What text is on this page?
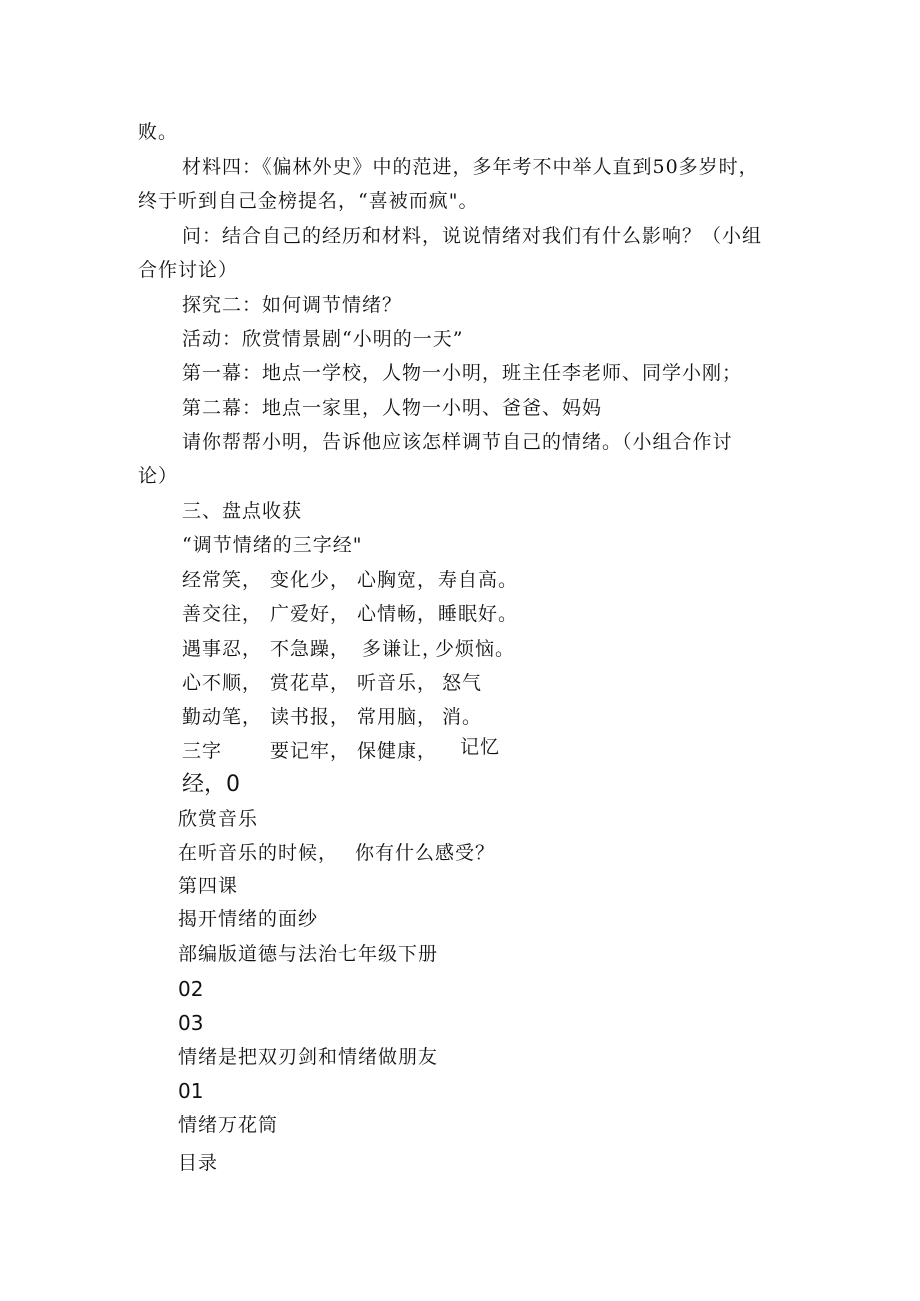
败。
材料四：《偏林外史》中的范进，多年考不中举人直到50多岁时，
终于听到自己金榜提名，“喜被而疯"。
问：结合自己的经历和材料，说说情绪对我们有什么影响？（小组
合作讨论）
探究二：如何调节情绪？
活动：欣赏情景剧“小明的一天”
第一幕：地点一学校，人物一小明，班主任李老师、同学小刚；
第二幕：地点一家里，人物一小明、爸爸、妈妈
请你帮帮小明，告诉他应该怎样调节自己的情绪。（小组合作讨
论）
三、盘点收获
“调节情绪的三字经"
经常笑， 变化少， 心胸宽， 寿自高。
善交往， 广爱好， 心情畅， 睡眠好。
遇事忍， 不急躁， 多谦让，
少烦恼。
心不顺， 赏花草， 听音乐， 怒气
勤动笔， 读书报， 常用脑， 消。
三字	要记牢， 保健康， 记忆
经，0
欣赏音乐
在听音乐的时候， 你有什么感受？
第四课
揭开情绪的面纱
部编版道德与法治七年级下册
02
03
情绪是把双刃剑和情绪做朋友
01
情绪万花筒
目录
